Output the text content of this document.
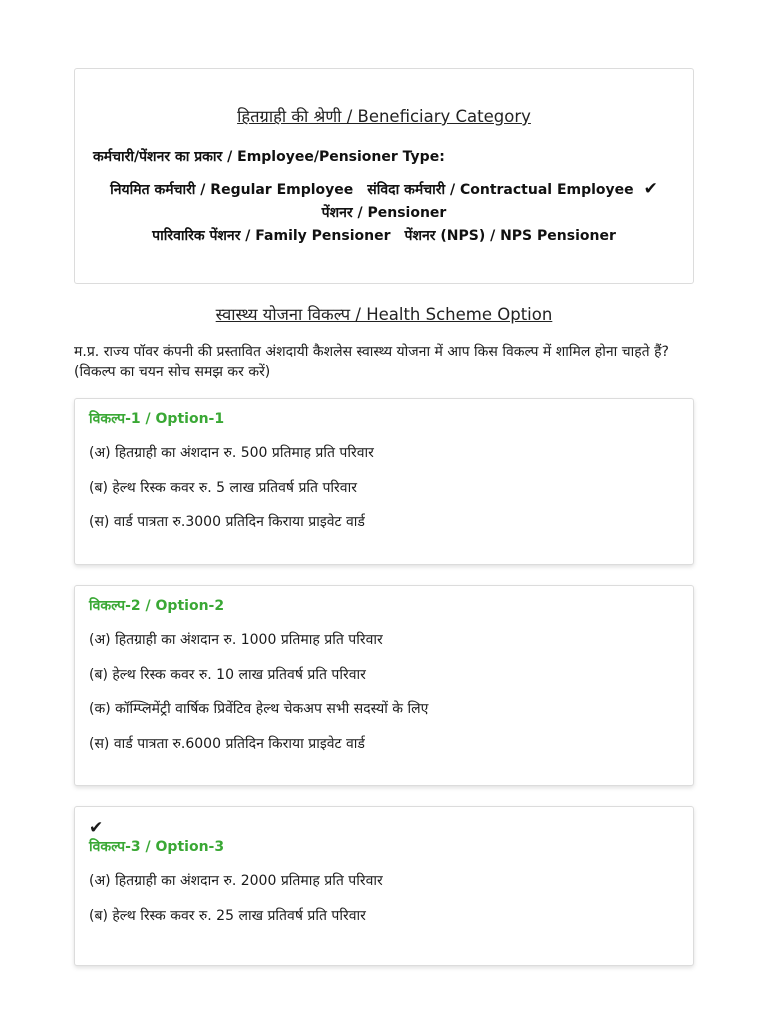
हितग्राही की श्रेणी / Beneficiary Category
कर्मचारी/पेंशनर का प्रकार / Employee/Pensioner Type:
नियमित कर्मचारी / Regular Employee संविदा कर्मचारी / Contractual Employee ✔
पेंशनर / Pensioner
पारिवारिक पेंशनर / Family Pensioner पेंशनर (NPS) / NPS Pensioner
स्वास्थ्य योजना विकल्प / Health Scheme Option
म.प्र. राज्य पॉवर कंपनी की प्रस्तावित अंशदायी कैशलेस स्वास्थ्य योजना में आप किस विकल्प में शामिल होना चाहते हैं? (विकल्प का चयन सोच समझ कर करें)
विकल्प-1 / Option-1
(अ) हितग्राही का अंशदान रु. 500 प्रतिमाह प्रति परिवार
(ब) हेल्थ रिस्क कवर रु. 5 लाख प्रतिवर्ष प्रति परिवार
(स) वार्ड पात्रता रु.3000 प्रतिदिन किराया प्राइवेट वार्ड
विकल्प-2 / Option-2
(अ) हितग्राही का अंशदान रु. 1000 प्रतिमाह प्रति परिवार
(ब) हेल्थ रिस्क कवर रु. 10 लाख प्रतिवर्ष प्रति परिवार
(क) कॉम्प्लिमेंट्री वार्षिक प्रिवेंटिव हेल्थ चेकअप सभी सदस्यों के लिए
(स) वार्ड पात्रता रु.6000 प्रतिदिन किराया प्राइवेट वार्ड
✔
विकल्प-3 / Option-3
(अ) हितग्राही का अंशदान रु. 2000 प्रतिमाह प्रति परिवार
(ब) हेल्थ रिस्क कवर रु. 25 लाख प्रतिवर्ष प्रति परिवार
